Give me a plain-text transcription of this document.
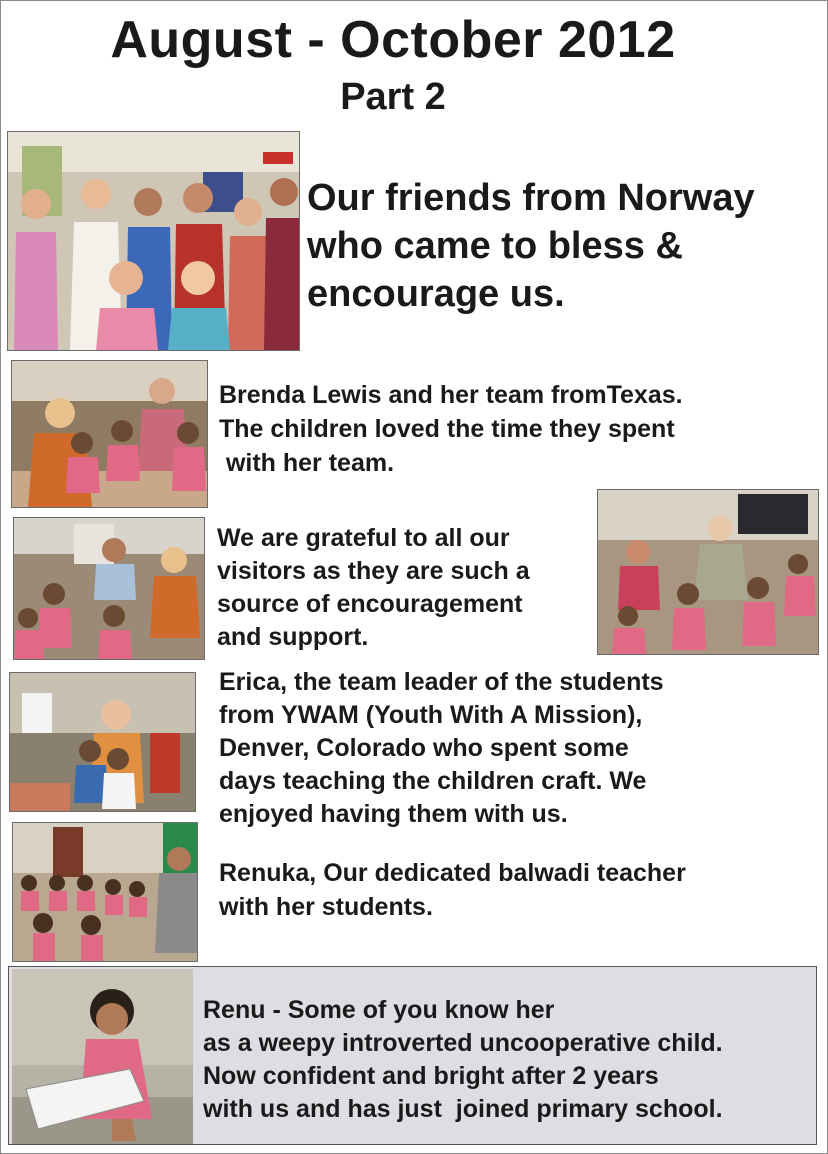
August - October 2012
Part 2

Our friends from Norway
who came to bless &
encourage us.

Brenda Lewis and her team fromTexas.
The children loved the time they spent
with her team.

We are grateful to all our
visitors as they are such a
source of encouragement
and support.

Erica, the team leader of the students
from YWAM (Youth With A Mission),
Denver, Colorado who spent some
days teaching the children craft. We
enjoyed having them with us.

Renuka, Our dedicated balwadi teacher
with her students.

Renu - Some of you know her
as a weepy introverted uncooperative child.
Now confident and bright after 2 years
with us and has just  joined primary school.
